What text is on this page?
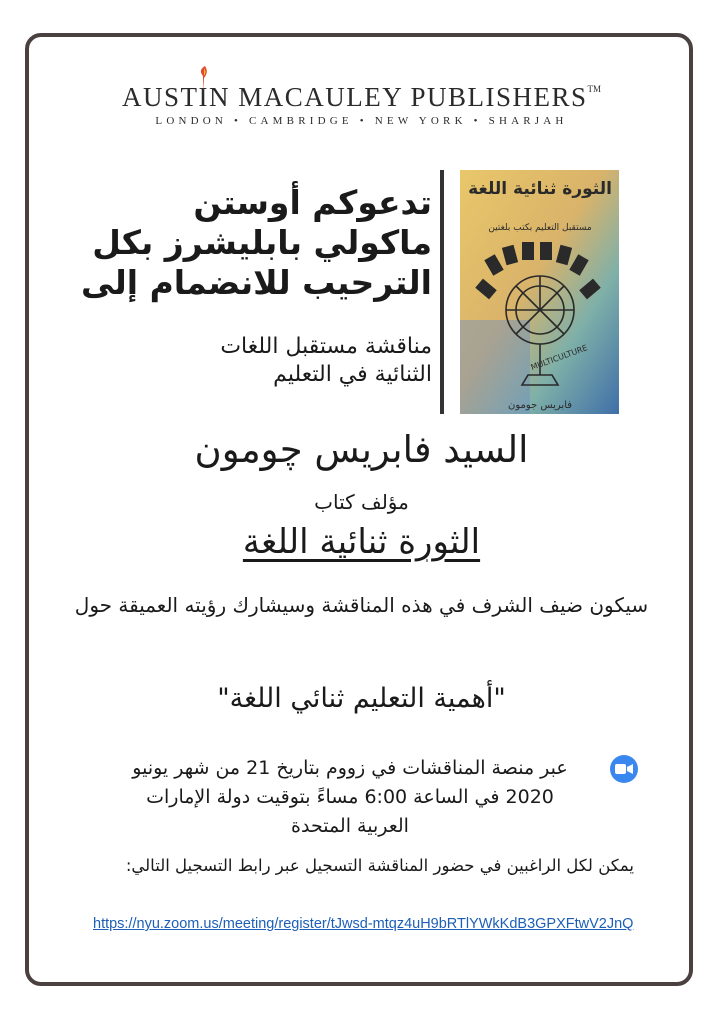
AUST
IN MACAULEY PUBLISHERS™
LONDON • CAMBRIDGE • NEW YORK • SHARJAH
تدعوكم أوستن ماكولي بابليشرز بكل الترحيب للانضمام إلى
مناقشة مستقبل اللغات
الثنائية في التعليم
الثورة ثنائية اللغة
مستقبل التعليم بكتب بلغتين
MULTICULTURE
فابريس جومون
السيد فابريس چومون
مؤلف كتاب
الثورة ثنائية اللغة
سيكون ضيف الشرف في هذه المناقشة وسيشارك رؤيته العميقة حول
"أهمية التعليم ثنائي اللغة"
عبر منصة المناقشات في زووم بتاريخ 21 من شهر يونيو
2020 في الساعة 6:00 مساءً بتوقيت دولة الإمارات
العربية المتحدة
يمكن لكل الراغبين في حضور المناقشة التسجيل عبر رابط التسجيل التالي:
https://nyu.zoom.us/meeting/register/tJwsd-mtqz4uH9bRTlYWkKdB3GPXFtwV2JnQ
